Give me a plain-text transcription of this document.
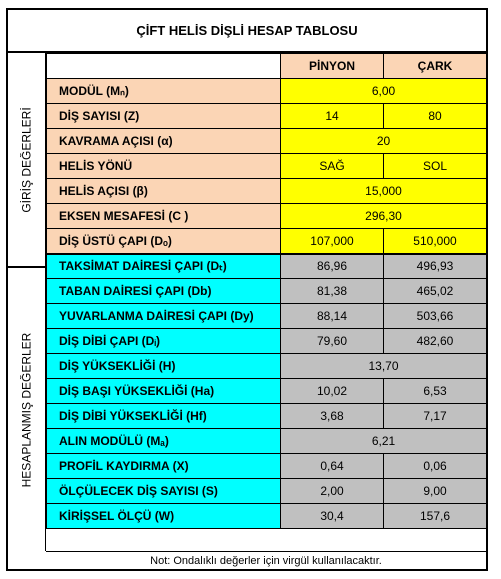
ÇİFT HELİS DİŞLİ HESAP TABLOSU
GİRİŞ DEĞERLERİ
HESAPLANMIŞ DEĞERLER
	PİNYON	ÇARK
MODÜL (Mₙ)	6,00	
DİŞ SAYISI (Z)	14	80
KAVRAMA AÇISI (α)	20	
HELİS YÖNÜ	SAĞ	SOL
HELİS AÇISI (β)	15,000	
EKSEN MESAFESİ (C )	296,30	
DİŞ ÜSTÜ ÇAPI (Dₒ)	107,000	510,000
TAKSİMAT DAİRESİ ÇAPI (Dₜ)	86,96	496,93
TABAN DAİRESİ ÇAPI (Db)	81,38	465,02
YUVARLANMA DAİRESİ ÇAPI (Dy)	88,14	503,66
DİŞ DİBİ ÇAPI (Dᵢ)	79,60	482,60
DİŞ YÜKSEKLİĞİ (H)	13,70	
DİŞ BAŞI YÜKSEKLİĞİ (Ha)	10,02	6,53
DİŞ DİBİ YÜKSEKLİĞİ (Hf)	3,68	7,17
ALIN MODÜLÜ (Mₐ)	6,21	
PROFİL KAYDIRMA (X)	0,64	0,06
ÖLÇÜLECEK DİŞ SAYISI (S)	2,00	9,00
KİRİŞSEL ÖLÇÜ (W)	30,4	157,6
Not: Ondalıklı değerler için virgül kullanılacaktır.
